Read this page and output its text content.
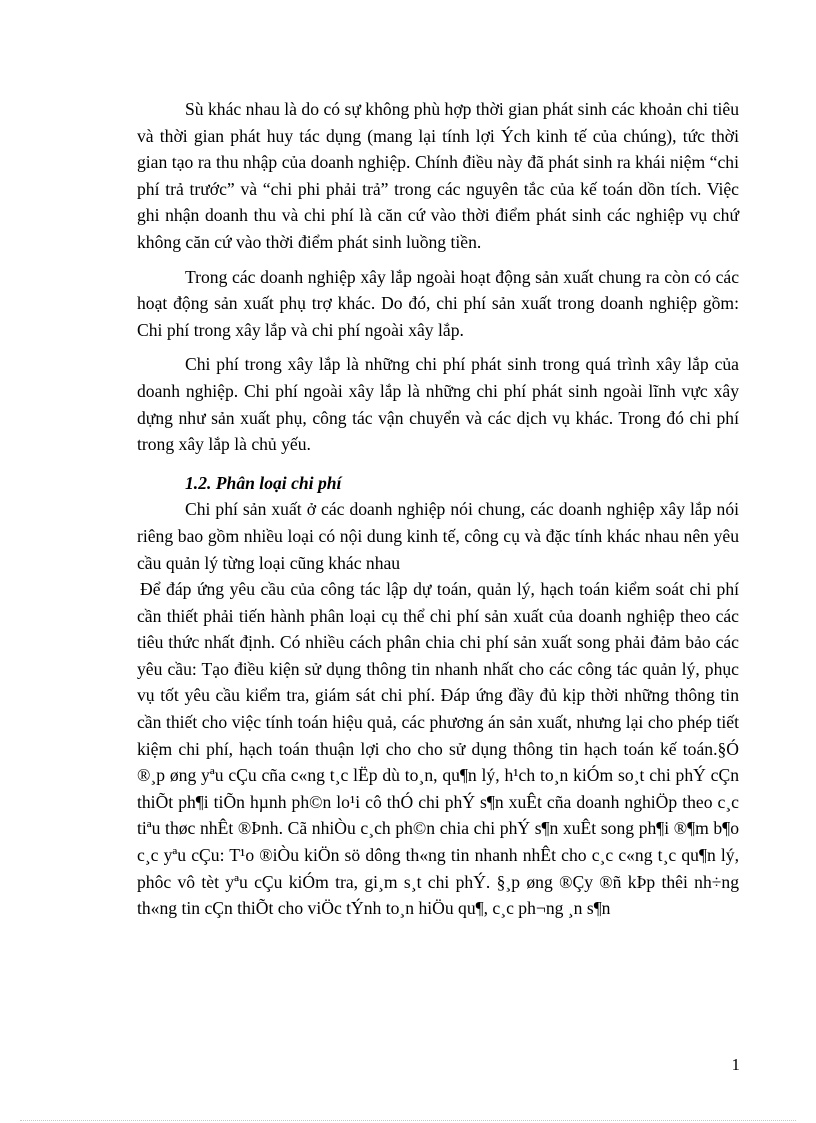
Sù khác nhau là do có sự không phù hợp thời gian phát sinh các khoản chi tiêu và thời gian phát huy tác dụng (mang lại tính lợi Ých kinh tế của chúng), tức thời gian tạo ra thu nhập của doanh nghiệp. Chính điều này đã phát sinh ra khái niệm “chi phí trả trước” và “chi phi phải trả” trong các nguyên tắc của kế toán dồn tích. Việc ghi nhận doanh thu và chi phí là căn cứ vào thời điểm phát sinh các nghiệp vụ chứ không căn cứ vào thời điểm phát sinh luồng tiền.

Trong các doanh nghiệp xây lắp ngoài hoạt động sản xuất chung ra còn có các hoạt động sản xuất phụ trợ khác. Do đó, chi phí sản xuất trong doanh nghiệp gồm: Chi phí trong xây lắp và chi phí ngoài xây lắp.

Chi phí trong xây lắp là những chi phí phát sinh trong quá trình xây lắp của doanh nghiệp. Chi phí ngoài xây lắp là những chi phí phát sinh ngoài lĩnh vực xây dựng như sản xuất phụ, công tác vận chuyển và các dịch vụ khác. Trong đó chi phí trong xây lắp là chủ yếu.

1.2. Phân loại chi phí

Chi phí sản xuất ở các doanh nghiệp nói chung, các doanh nghiệp xây lắp nói riêng bao gồm nhiều loại có nội dung kinh tế, công cụ và đặc tính khác nhau nên yêu cầu quản lý từng loại cũng khác nhau

Để đáp ứng yêu cầu của công tác lập dự toán, quản lý, hạch toán kiểm soát chi phí cần thiết phải tiến hành phân loại cụ thể chi phí sản xuất của doanh nghiệp theo các tiêu thức nhất định. Có nhiều cách phân chia chi phí sản xuất song phải đảm bảo các yêu cầu: Tạo điều kiện sử dụng thông tin nhanh nhất cho các công tác quản lý, phục vụ tốt yêu cầu kiểm tra, giám sát chi phí. Đáp ứng đầy đủ kịp thời những thông tin cần thiết cho việc tính toán hiệu quả, các phương án sản xuất, nhưng lại cho phép tiết kiệm chi phí, hạch toán thuận lợi cho cho sử dụng thông tin hạch toán kế toán.§Ó ®¸p øng yªu cÇu cña c«ng t¸c lËp dù to¸n, qu¶n lý, h¹ch to¸n kiÓm so¸t chi phÝ cÇn thiÕt ph¶i tiÕn hµnh ph©n lo¹i cô thÓ chi phÝ s¶n xuÊt cña doanh nghiÖp theo c¸c tiªu thøc nhÊt ®Þnh. Cã nhiÒu c¸ch ph©n chia chi phÝ s¶n xuÊt song ph¶i ®¶m b¶o c¸c yªu cÇu: T¹o ®iÒu kiÖn sö dông th«ng tin nhanh nhÊt cho c¸c c«ng t¸c qu¶n lý, phôc vô tèt yªu cÇu kiÓm tra, gi¸m s¸t chi phÝ. §¸p øng ®Çy ®ñ kÞp thêi nh÷ng th«ng tin cÇn thiÕt cho viÖc tÝnh to¸n hiÖu qu¶, c¸c ph¬ng ¸n s¶n

1
